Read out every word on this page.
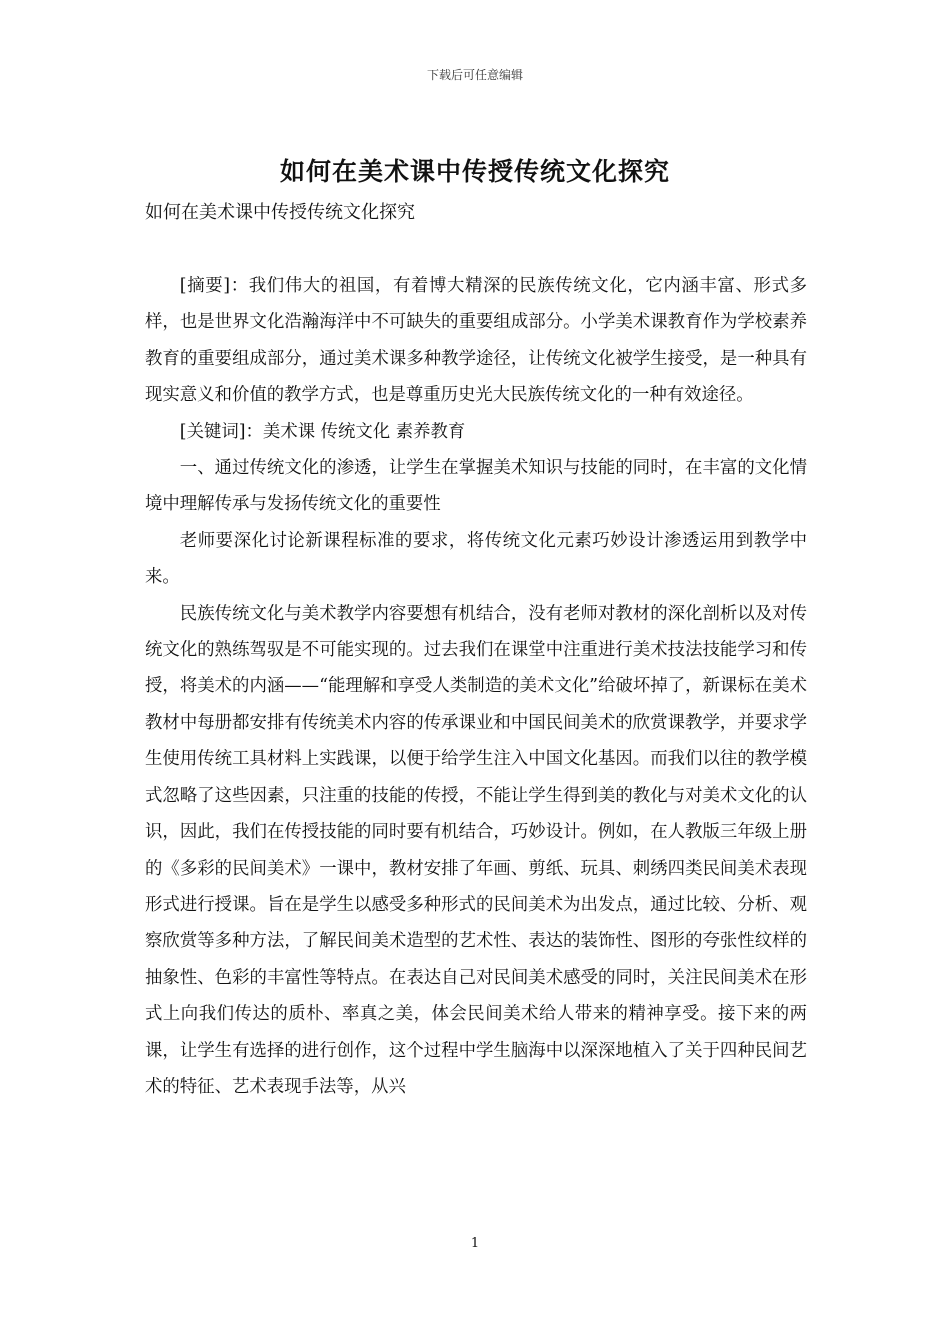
下载后可任意编辑
如何在美术课中传授传统文化探究
如何在美术课中传授传统文化探究

[摘要]：我们伟大的祖国，有着博大精深的民族传统文化，它内涵丰富、形式多样，也是世界文化浩瀚海洋中不可缺失的重要组成部分。小学美术课教育作为学校素养教育的重要组成部分，通过美术课多种教学途径，让传统文化被学生接受，是一种具有现实意义和价值的教学方式，也是尊重历史光大民族传统文化的一种有效途径。

[关键词]：美术课 传统文化 素养教育

一、通过传统文化的渗透，让学生在掌握美术知识与技能的同时，在丰富的文化情境中理解传承与发扬传统文化的重要性

老师要深化讨论新课程标准的要求，将传统文化元素巧妙设计渗透运用到教学中来。

民族传统文化与美术教学内容要想有机结合，没有老师对教材的深化剖析以及对传统文化的熟练驾驭是不可能实现的。过去我们在课堂中注重进行美术技法技能学习和传授，将美术的内涵——“能理解和享受人类制造的美术文化”给破坏掉了，新课标在美术教材中每册都安排有传统美术内容的传承课业和中国民间美术的欣赏课教学，并要求学生使用传统工具材料上实践课，以便于给学生注入中国文化基因。而我们以往的教学模式忽略了这些因素，只注重的技能的传授，不能让学生得到美的教化与对美术文化的认识，因此，我们在传授技能的同时要有机结合，巧妙设计。例如，在人教版三年级上册的《多彩的民间美术》一课中，教材安排了年画、剪纸、玩具、刺绣四类民间美术表现形式进行授课。旨在是学生以感受多种形式的民间美术为出发点，通过比较、分析、观察欣赏等多种方法，了解民间美术造型的艺术性、表达的装饰性、图形的夸张性纹样的抽象性、色彩的丰富性等特点。在表达自己对民间美术感受的同时，关注民间美术在形式上向我们传达的质朴、率真之美，体会民间美术给人带来的精神享受。接下来的两课，让学生有选择的进行创作，这个过程中学生脑海中以深深地植入了关于四种民间艺术的特征、艺术表现手法等，从兴

1
